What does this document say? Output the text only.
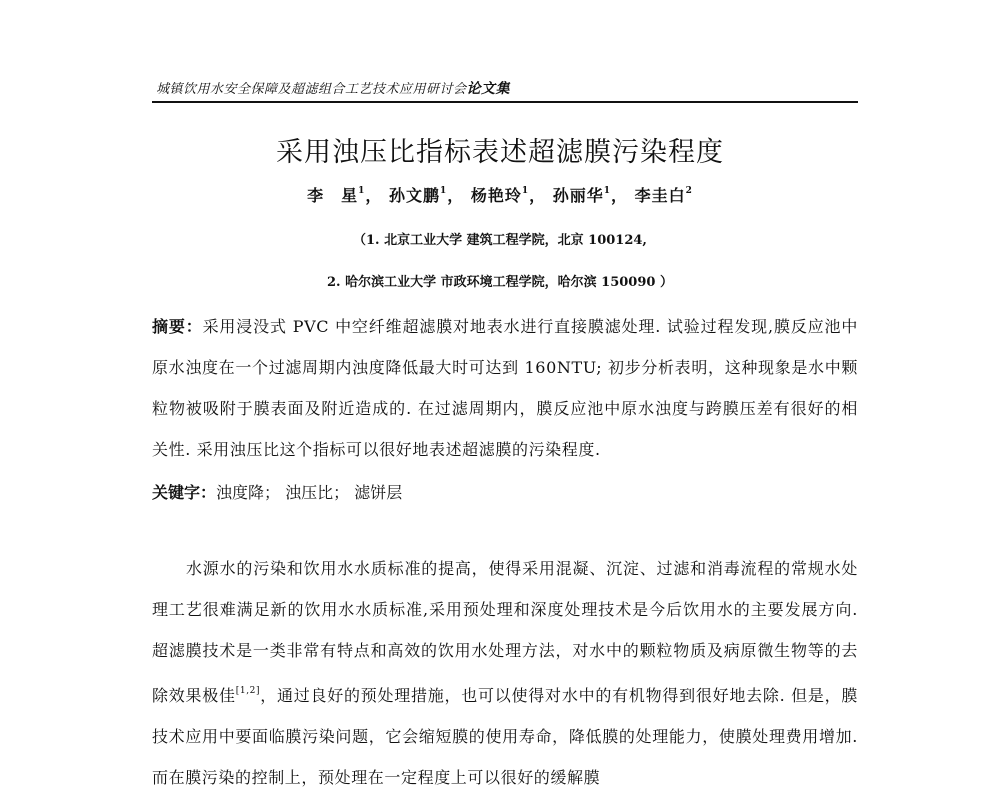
城镇饮用水安全保障及超滤组合工艺技术应用研讨会论文集
采用浊压比指标表述超滤膜污染程度
李　星$^1$， 孙文鹏$^1$， 杨艳玲$^1$， 孙丽华$^1$， 李圭白$^2$
（1. 北京工业大学 建筑工程学院，北京 100124,
2. 哈尔滨工业大学 市政环境工程学院，哈尔滨 150090 ）
摘要：采用浸没式 PVC 中空纤维超滤膜对地表水进行直接膜滤处理. 试验过程发现,膜反应池中原水浊度在一个过滤周期内浊度降低最大时可达到 160NTU; 初步分析表明，这种现象是水中颗粒物被吸附于膜表面及附近造成的. 在过滤周期内，膜反应池中原水浊度与跨膜压差有很好的相关性. 采用浊压比这个指标可以很好地表述超滤膜的污染程度.
关键字：浊度降； 浊压比； 滤饼层
水源水的污染和饮用水水质标准的提高，使得采用混凝、沉淀、过滤和消毒流程的常规水处理工艺很难满足新的饮用水水质标准,采用预处理和深度处理技术是今后饮用水的主要发展方向. 超滤膜技术是一类非常有特点和高效的饮用水处理方法，对水中的颗粒物质及病原微生物等的去除效果极佳[1,2]，通过良好的预处理措施，也可以使得对水中的有机物得到很好地去除. 但是，膜技术应用中要面临膜污染问题，它会缩短膜的使用寿命，降低膜的处理能力，使膜处理费用增加. 而在膜污染的控制上，预处理在一定程度上可以很好的缓解膜
